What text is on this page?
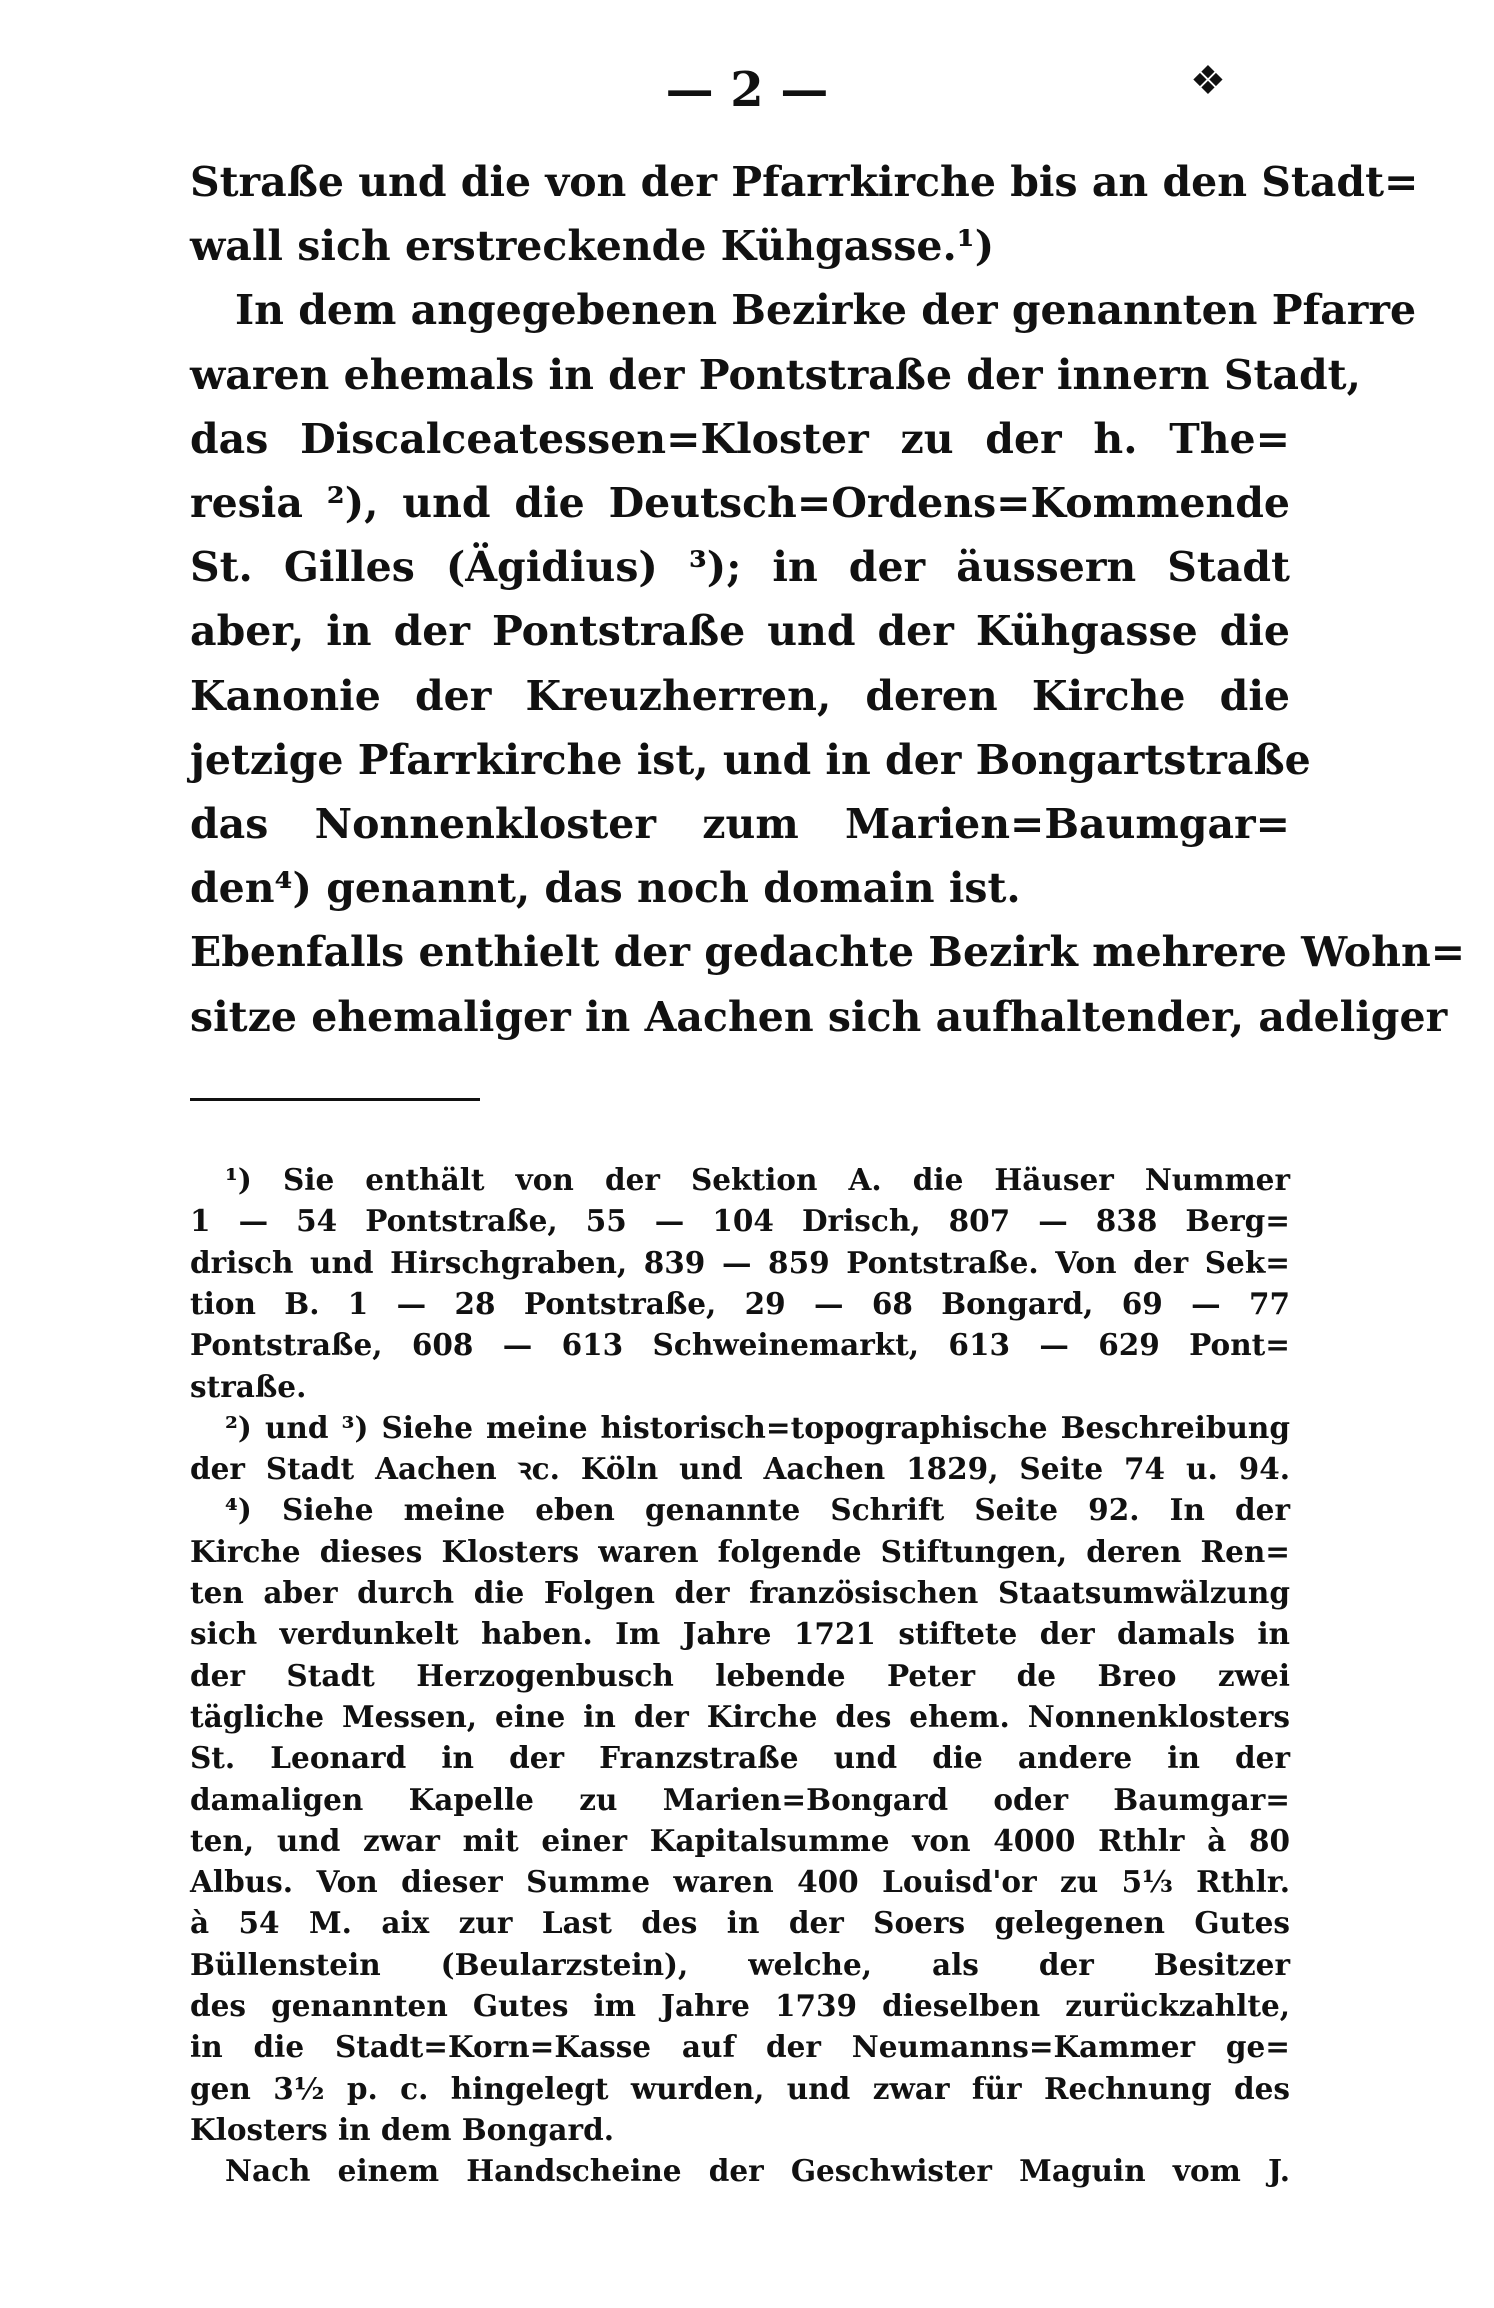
— 2 —	❖
Straße und die von der Pfarrkirche bis an den Stadt=
wall sich erstreckende Kühgasse.¹)
In dem angegebenen Bezirke der genannten Pfarre
waren ehemals in der Pontstraße der innern Stadt,
das Discalceatessen=Kloster zu der h. The=
resia ²), und die Deutsch=Ordens=Kommende
St. Gilles (Ägidius) ³); in der äussern Stadt
aber, in der Pontstraße und der Kühgasse die
Kanonie der Kreuzherren, deren Kirche die
jetzige Pfarrkirche ist, und in der Bongartstraße
das Nonnenkloster zum Marien=Baumgar=
den⁴) genannt, das noch domain ist.
Ebenfalls enthielt der gedachte Bezirk mehrere Wohn=
sitze ehemaliger in Aachen sich aufhaltender, adeliger
¹) Sie enthält von der Sektion A. die Häuser Nummer
1 — 54 Pontstraße, 55 — 104 Drisch, 807 — 838 Berg=
drisch und Hirschgraben, 839 — 859 Pontstraße. Von der Sek=
tion B. 1 — 28 Pontstraße, 29 — 68 Bongard, 69 — 77
Pontstraße, 608 — 613 Schweinemarkt, 613 — 629 Pont=
straße.
²) und ³) Siehe meine historisch=topographische Beschreibung
der Stadt Aachen ꝛc. Köln und Aachen 1829, Seite 74 u. 94.
⁴) Siehe meine eben genannte Schrift Seite 92. In der
Kirche dieses Klosters waren folgende Stiftungen, deren Ren=
ten aber durch die Folgen der französischen Staatsumwälzung
sich verdunkelt haben. Im Jahre 1721 stiftete der damals in
der Stadt Herzogenbusch lebende Peter de Breo zwei
tägliche Messen, eine in der Kirche des ehem. Nonnenklosters
St. Leonard in der Franzstraße und die andere in der
damaligen Kapelle zu Marien=Bongard oder Baumgar=
ten, und zwar mit einer Kapitalsumme von 4000 Rthlr à 80
Albus. Von dieser Summe waren 400 Louisd'or zu 5⅓ Rthlr.
à 54 M. aix zur Last des in der Soers gelegenen Gutes
Büllenstein (Beularzstein), welche, als der Besitzer
des genannten Gutes im Jahre 1739 dieselben zurückzahlte,
in die Stadt=Korn=Kasse auf der Neumanns=Kammer ge=
gen 3½ p. c. hingelegt wurden, und zwar für Rechnung des
Klosters in dem Bongard.
Nach einem Handscheine der Geschwister Maguin vom J.
